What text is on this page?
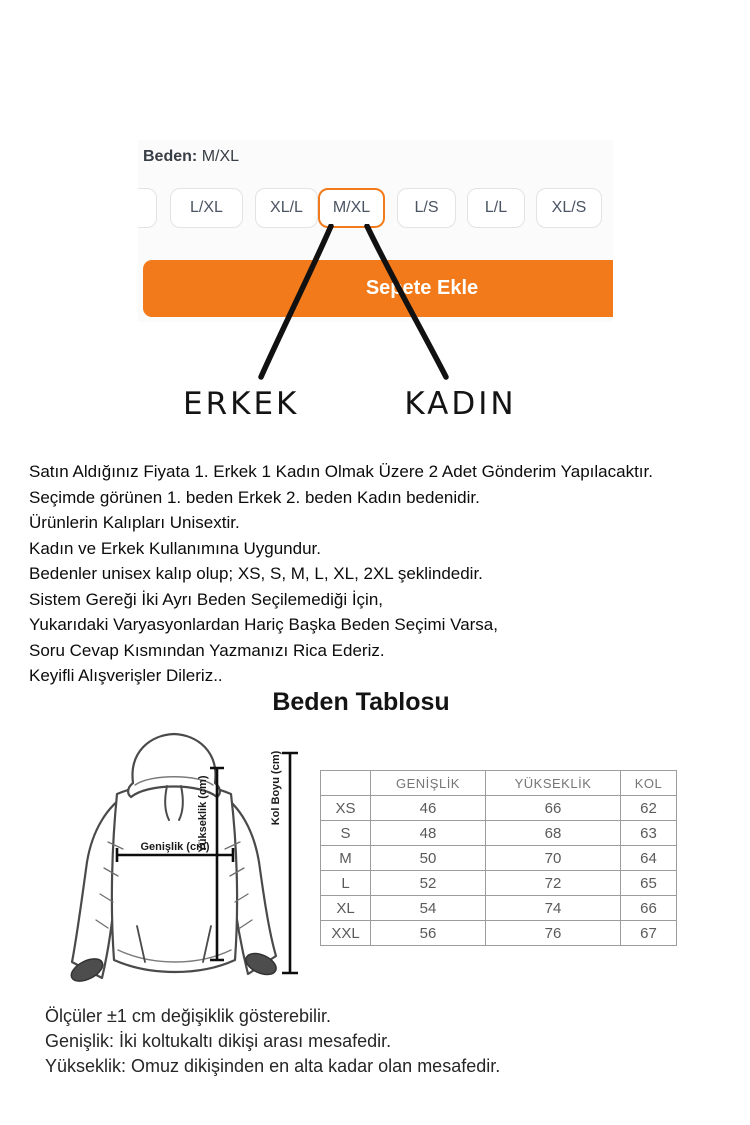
Beden: M/XL
L/XL	XL/L	M/XL	L/S	L/L	XL/S
Sepete Ekle
ERKEK	KADIN
Satın Aldığınız Fiyata 1. Erkek 1 Kadın Olmak Üzere 2 Adet Gönderim Yapılacaktır.
Seçimde görünen 1. beden Erkek 2. beden Kadın bedenidir.
Ürünlerin Kalıpları Unisextir.
Kadın ve Erkek Kullanımına Uygundur.
Bedenler unisex kalıp olup; XS, S, M, L, XL, 2XL şeklindedir.
Sistem Gereği İki Ayrı Beden Seçilemediği İçin,
Yukarıdaki Varyasyonlardan Hariç Başka Beden Seçimi Varsa,
Soru Cevap Kısmından Yazmanızı Rica Ederiz.
Keyifli Alışverişler Dileriz..
Beden Tablosu
Genişlik (cm)
Yükseklik (cm)	Kol Boyu (cm)
		GENİŞLİK	YÜKSEKLİK	KOL
XS	46	66	62
S	48	68	63
M	50	70	64
L	52	72	65
XL	54	74	66
XXL	56	76	67
Ölçüler ±1 cm değişiklik gösterebilir.
Genişlik: İki koltukaltı dikişi arası mesafedir.
Yükseklik: Omuz dikişinden en alta kadar olan mesafedir.
